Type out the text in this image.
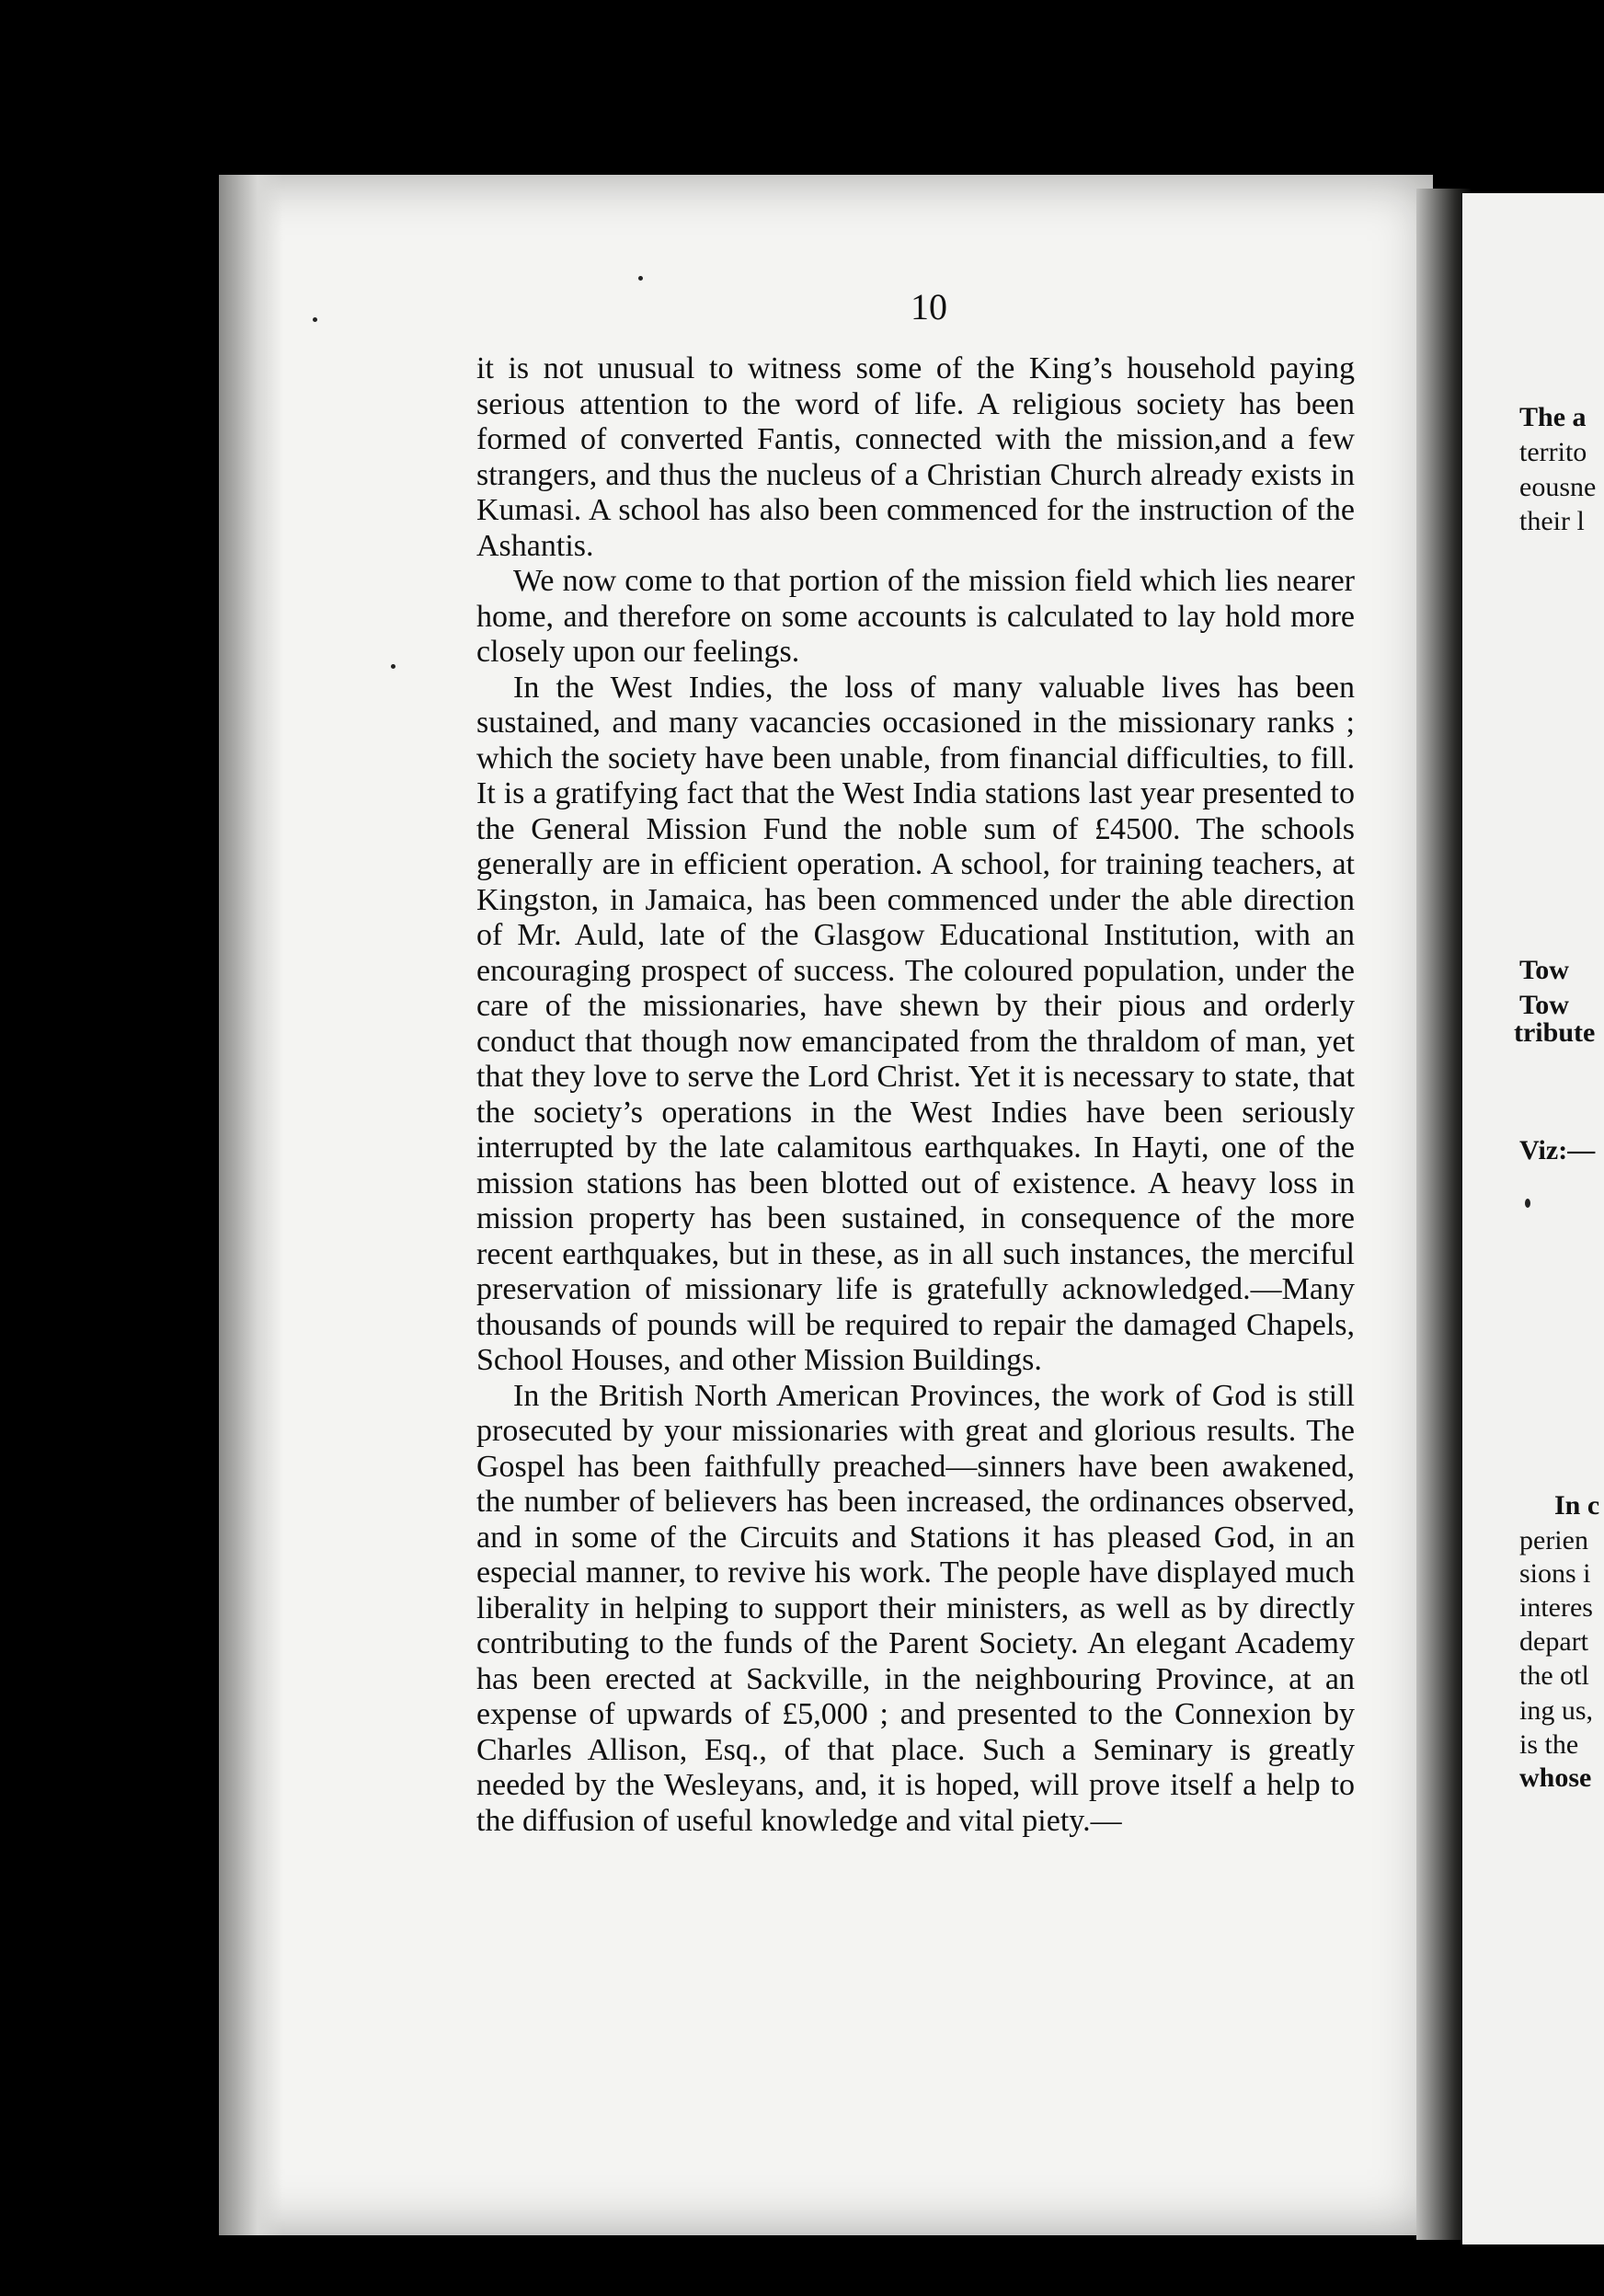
10

it is not unusual to witness some of the King’s household paying serious attention to the word of life. A religious society has been formed of converted Fantis, connected with the mission,and a few strangers, and thus the nucleus of a Christian Church already exists in Kumasi. A school has also been commenced for the instruction of the Ashantis.

We now come to that portion of the mission field which lies nearer home, and therefore on some accounts is calculated to lay hold more closely upon our feelings.

In the West Indies, the loss of many valuable lives has been sustained, and many vacancies occasioned in the missionary ranks ; which the society have been unable, from financial difficulties, to fill. It is a gratifying fact that the West India stations last year presented to the General Mission Fund the noble sum of £4500. The schools generally are in efficient operation. A school, for training teachers, at Kingston, in Jamaica, has been commenced under the able direction of Mr. Auld, late of the Glasgow Educational Institution, with an encouraging prospect of success. The coloured population, under the care of the missionaries, have shewn by their pious and orderly conduct that though now emancipated from the thraldom of man, yet that they love to serve the Lord Christ. Yet it is necessary to state, that the society’s operations in the West Indies have been seriously interrupted by the late calamitous earthquakes. In Hayti, one of the mission stations has been blotted out of existence. A heavy loss in mission property has been sustained, in consequence of the more recent earthquakes, but in these, as in all such instances, the merciful preservation of missionary life is gratefully acknowledged.—Many thousands of pounds will be required to repair the damaged Chapels, School Houses, and other Mission Buildings.

In the British North American Provinces, the work of God is still prosecuted by your missionaries with great and glorious results. The Gospel has been faithfully preached—sinners have been awakened, the number of believers has been increased, the ordinances observed, and in some of the Circuits and Stations it has pleased God, in an especial manner, to revive his work. The people have displayed much liberality in helping to support their ministers, as well as by directly contributing to the funds of the Parent Society. An elegant Academy has been erected at Sackville, in the neighbouring Province, at an expense of upwards of £5,000 ; and presented to the Connexion by Charles Allison, Esq., of that place. Such a Seminary is greatly needed by the Wesleyans, and, it is hoped, will prove itself a help to the diffusion of useful knowledge and vital piety.—

The a
territo
eousne
their l
Tow
Tow
tribute
Viz:—
In c
perien
sions i
interes
depart
the otl
ing us,
is the
whose
